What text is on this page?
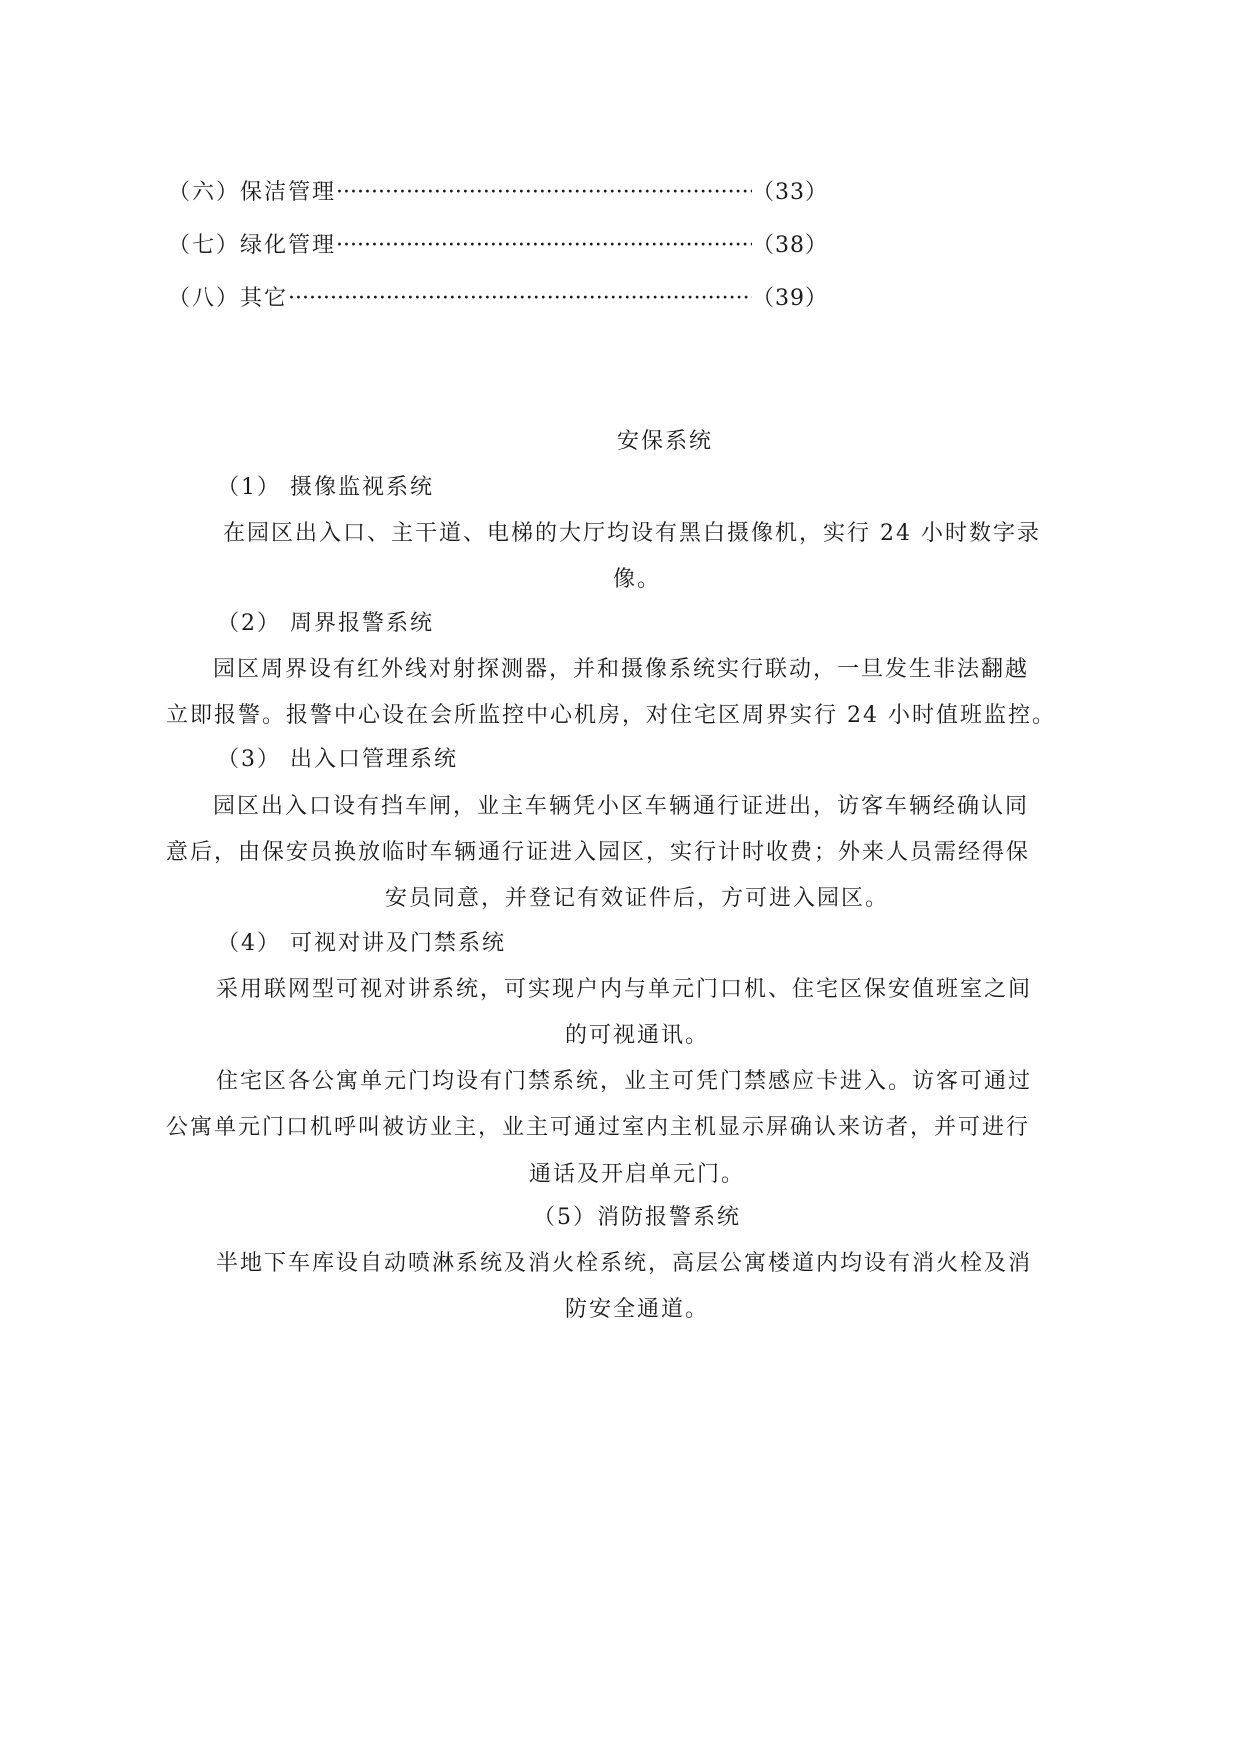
（六）保洁管理 ·····	（33）
（七）绿化管理 ·····	（38）
（八）其它 ·····	（39）

安保系统

（1） 摄像监视系统

在园区出入口、主干道、电梯的大厅均设有黑白摄像机，实行 24 小时数字录

像。

（2） 周界报警系统

园区周界设有红外线对射探测器，并和摄像系统实行联动，一旦发生非法翻越

立即报警。报警中心设在会所监控中心机房，对住宅区周界实行 24 小时值班监控。

（3） 出入口管理系统

园区出入口设有挡车闸，业主车辆凭小区车辆通行证进出，访客车辆经确认同

意后，由保安员换放临时车辆通行证进入园区，实行计时收费；外来人员需经得保

安员同意，并登记有效证件后，方可进入园区。

（4） 可视对讲及门禁系统

采用联网型可视对讲系统，可实现户内与单元门口机、住宅区保安值班室之间

的可视通讯。

住宅区各公寓单元门均设有门禁系统，业主可凭门禁感应卡进入。访客可通过

公寓单元门口机呼叫被访业主，业主可通过室内主机显示屏确认来访者，并可进行

通话及开启单元门。

（5）消防报警系统

半地下车库设自动喷淋系统及消火栓系统，高层公寓楼道内均设有消火栓及消

防安全通道。
